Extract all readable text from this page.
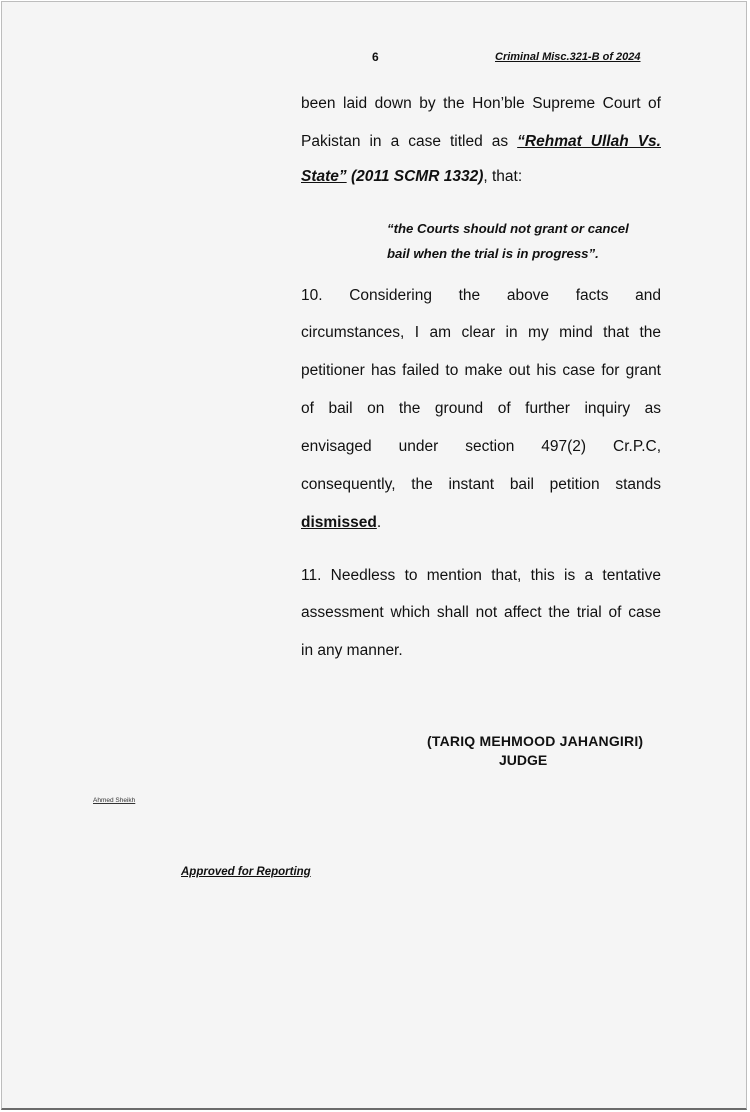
6	Criminal Misc.321-B of 2024
been laid down by the Hon’ble Supreme Court of
Pakistan in a case titled as “Rehmat Ullah Vs.
State” (2011 SCMR 1332), that:
“the Courts should not grant or cancel
bail when the trial is in progress”.
10. Considering the above facts and
circumstances, I am clear in my mind that the
petitioner has failed to make out his case for grant
of bail on the ground of further inquiry as
envisaged under section 497(2) Cr.P.C,
consequently, the instant bail petition stands
dismissed.
11. Needless to mention that, this is a tentative
assessment which shall not affect the trial of case
in any manner.
(TARIQ MEHMOOD JAHANGIRI)
JUDGE
Ahmed Sheikh
Approved for Reporting
